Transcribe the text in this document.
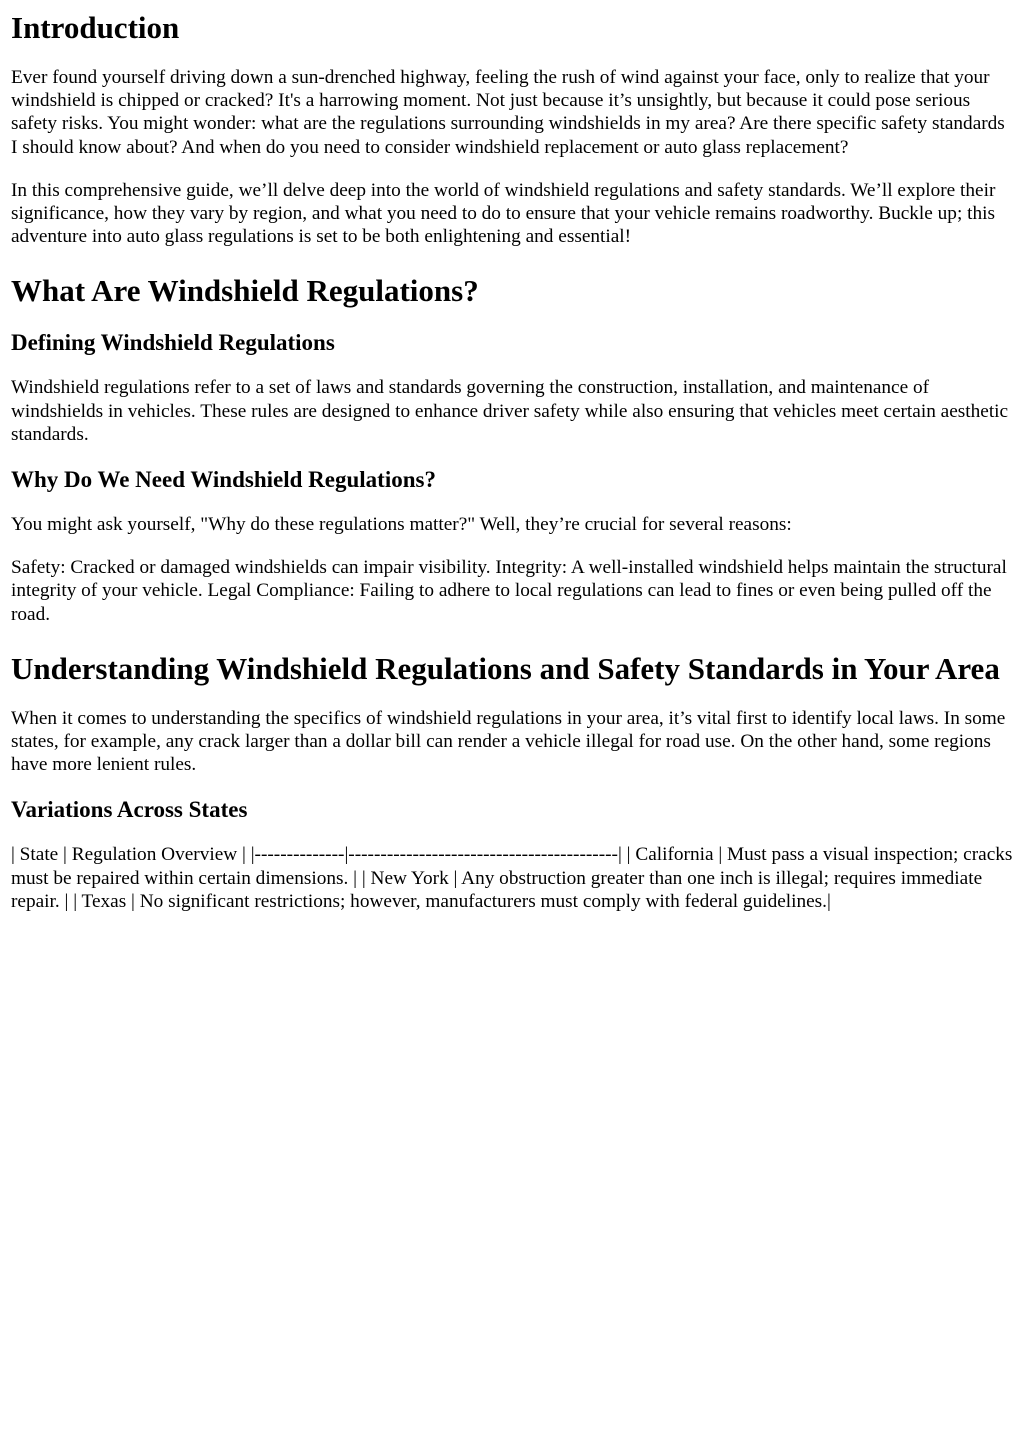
Introduction

Ever found yourself driving down a sun-drenched highway, feeling the rush of wind against your face, only to realize that your windshield is chipped or cracked? It's a harrowing moment. Not just because it’s unsightly, but because it could pose serious safety risks. You might wonder: what are the regulations surrounding windshields in my area? Are there specific safety standards I should know about? And when do you need to consider windshield replacement or auto glass replacement?

In this comprehensive guide, we’ll delve deep into the world of windshield regulations and safety standards. We’ll explore their significance, how they vary by region, and what you need to do to ensure that your vehicle remains roadworthy. Buckle up; this adventure into auto glass regulations is set to be both enlightening and essential!

What Are Windshield Regulations?
Defining Windshield Regulations

Windshield regulations refer to a set of laws and standards governing the construction, installation, and maintenance of windshields in vehicles. These rules are designed to enhance driver safety while also ensuring that vehicles meet certain aesthetic standards.

Why Do We Need Windshield Regulations?

You might ask yourself, "Why do these regulations matter?" Well, they’re crucial for several reasons:

Safety: Cracked or damaged windshields can impair visibility. Integrity: A well-installed windshield helps maintain the structural integrity of your vehicle. Legal Compliance: Failing to adhere to local regulations can lead to fines or even being pulled off the road.

Understanding Windshield Regulations and Safety Standards in Your Area

When it comes to understanding the specifics of windshield regulations in your area, it’s vital first to identify local laws. In some states, for example, any crack larger than a dollar bill can render a vehicle illegal for road use. On the other hand, some regions have more lenient rules.

Variations Across States

| State | Regulation Overview | |--------------|------------------------------------------| | California | Must pass a visual inspection; cracks must be repaired within certain dimensions. | | New York | Any obstruction greater than one inch is illegal; requires immediate repair. | | Texas | No significant restrictions; however, manufacturers must comply with federal guidelines.|
